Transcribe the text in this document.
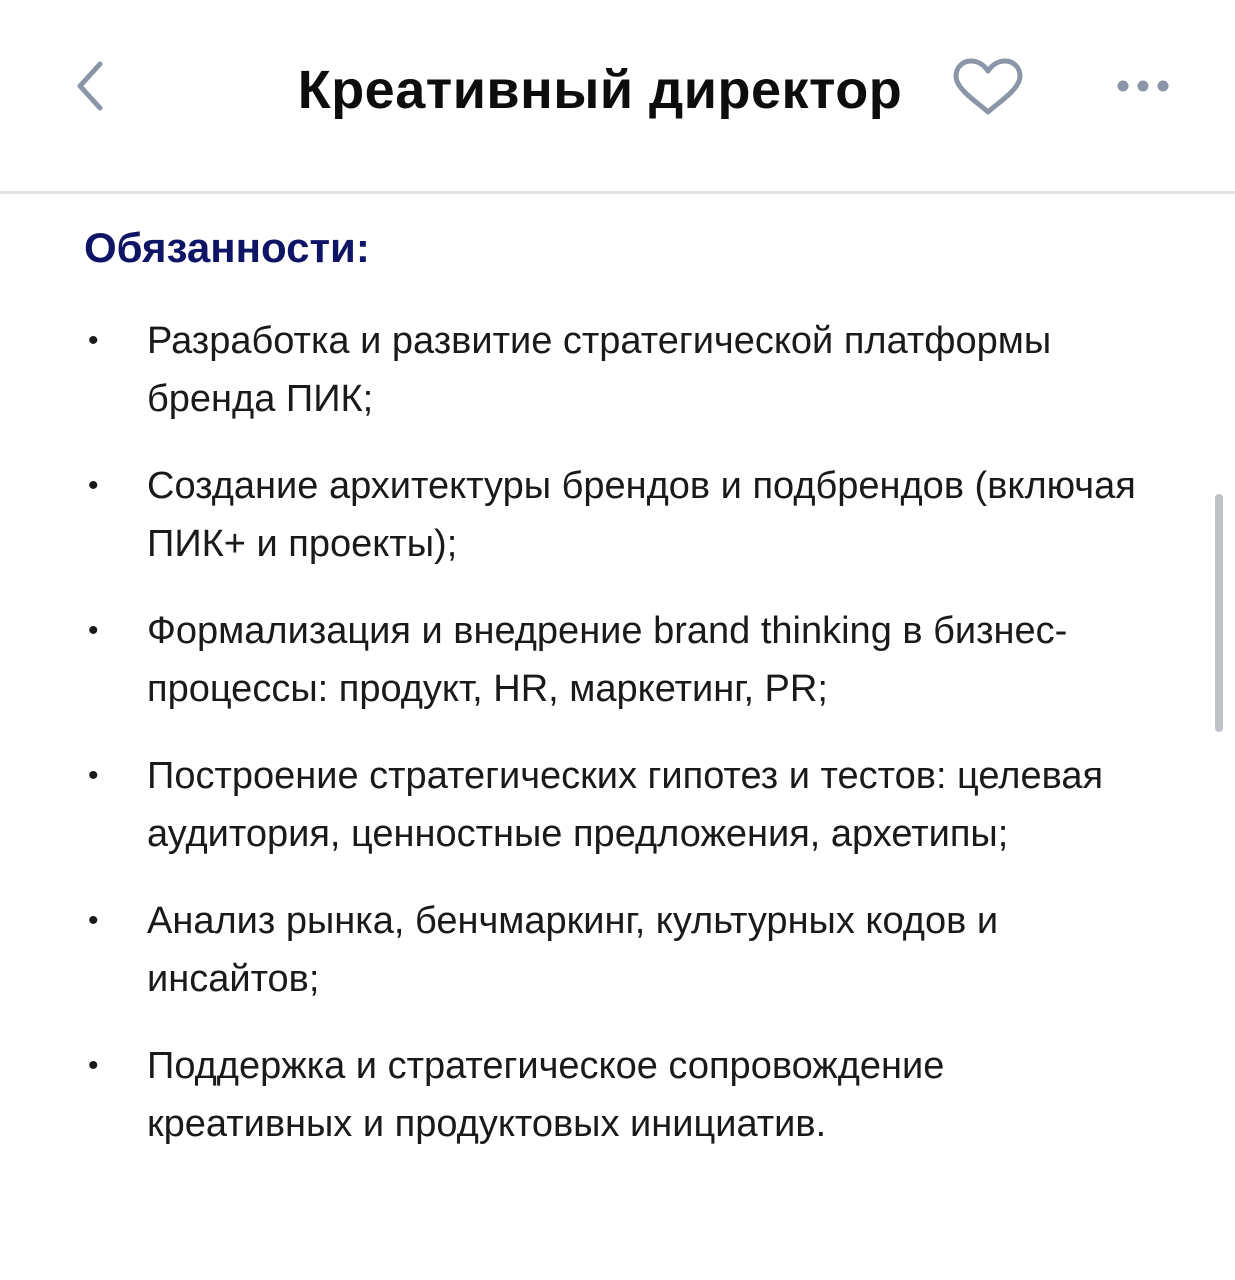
Креативный директор
Обязанности:
• Разработка и развитие стратегической платформы бренда ПИК;
• Создание архитектуры брендов и подбрендов (включая ПИК+ и проекты);
• Формализация и внедрение brand thinking в бизнес-процессы: продукт, HR, маркетинг, PR;
• Построение стратегических гипотез и тестов: целевая аудитория, ценностные предложения, архетипы;
• Анализ рынка, бенчмаркинг, культурных кодов и инсайтов;
• Поддержка и стратегическое сопровождение креативных и продуктовых инициатив.
